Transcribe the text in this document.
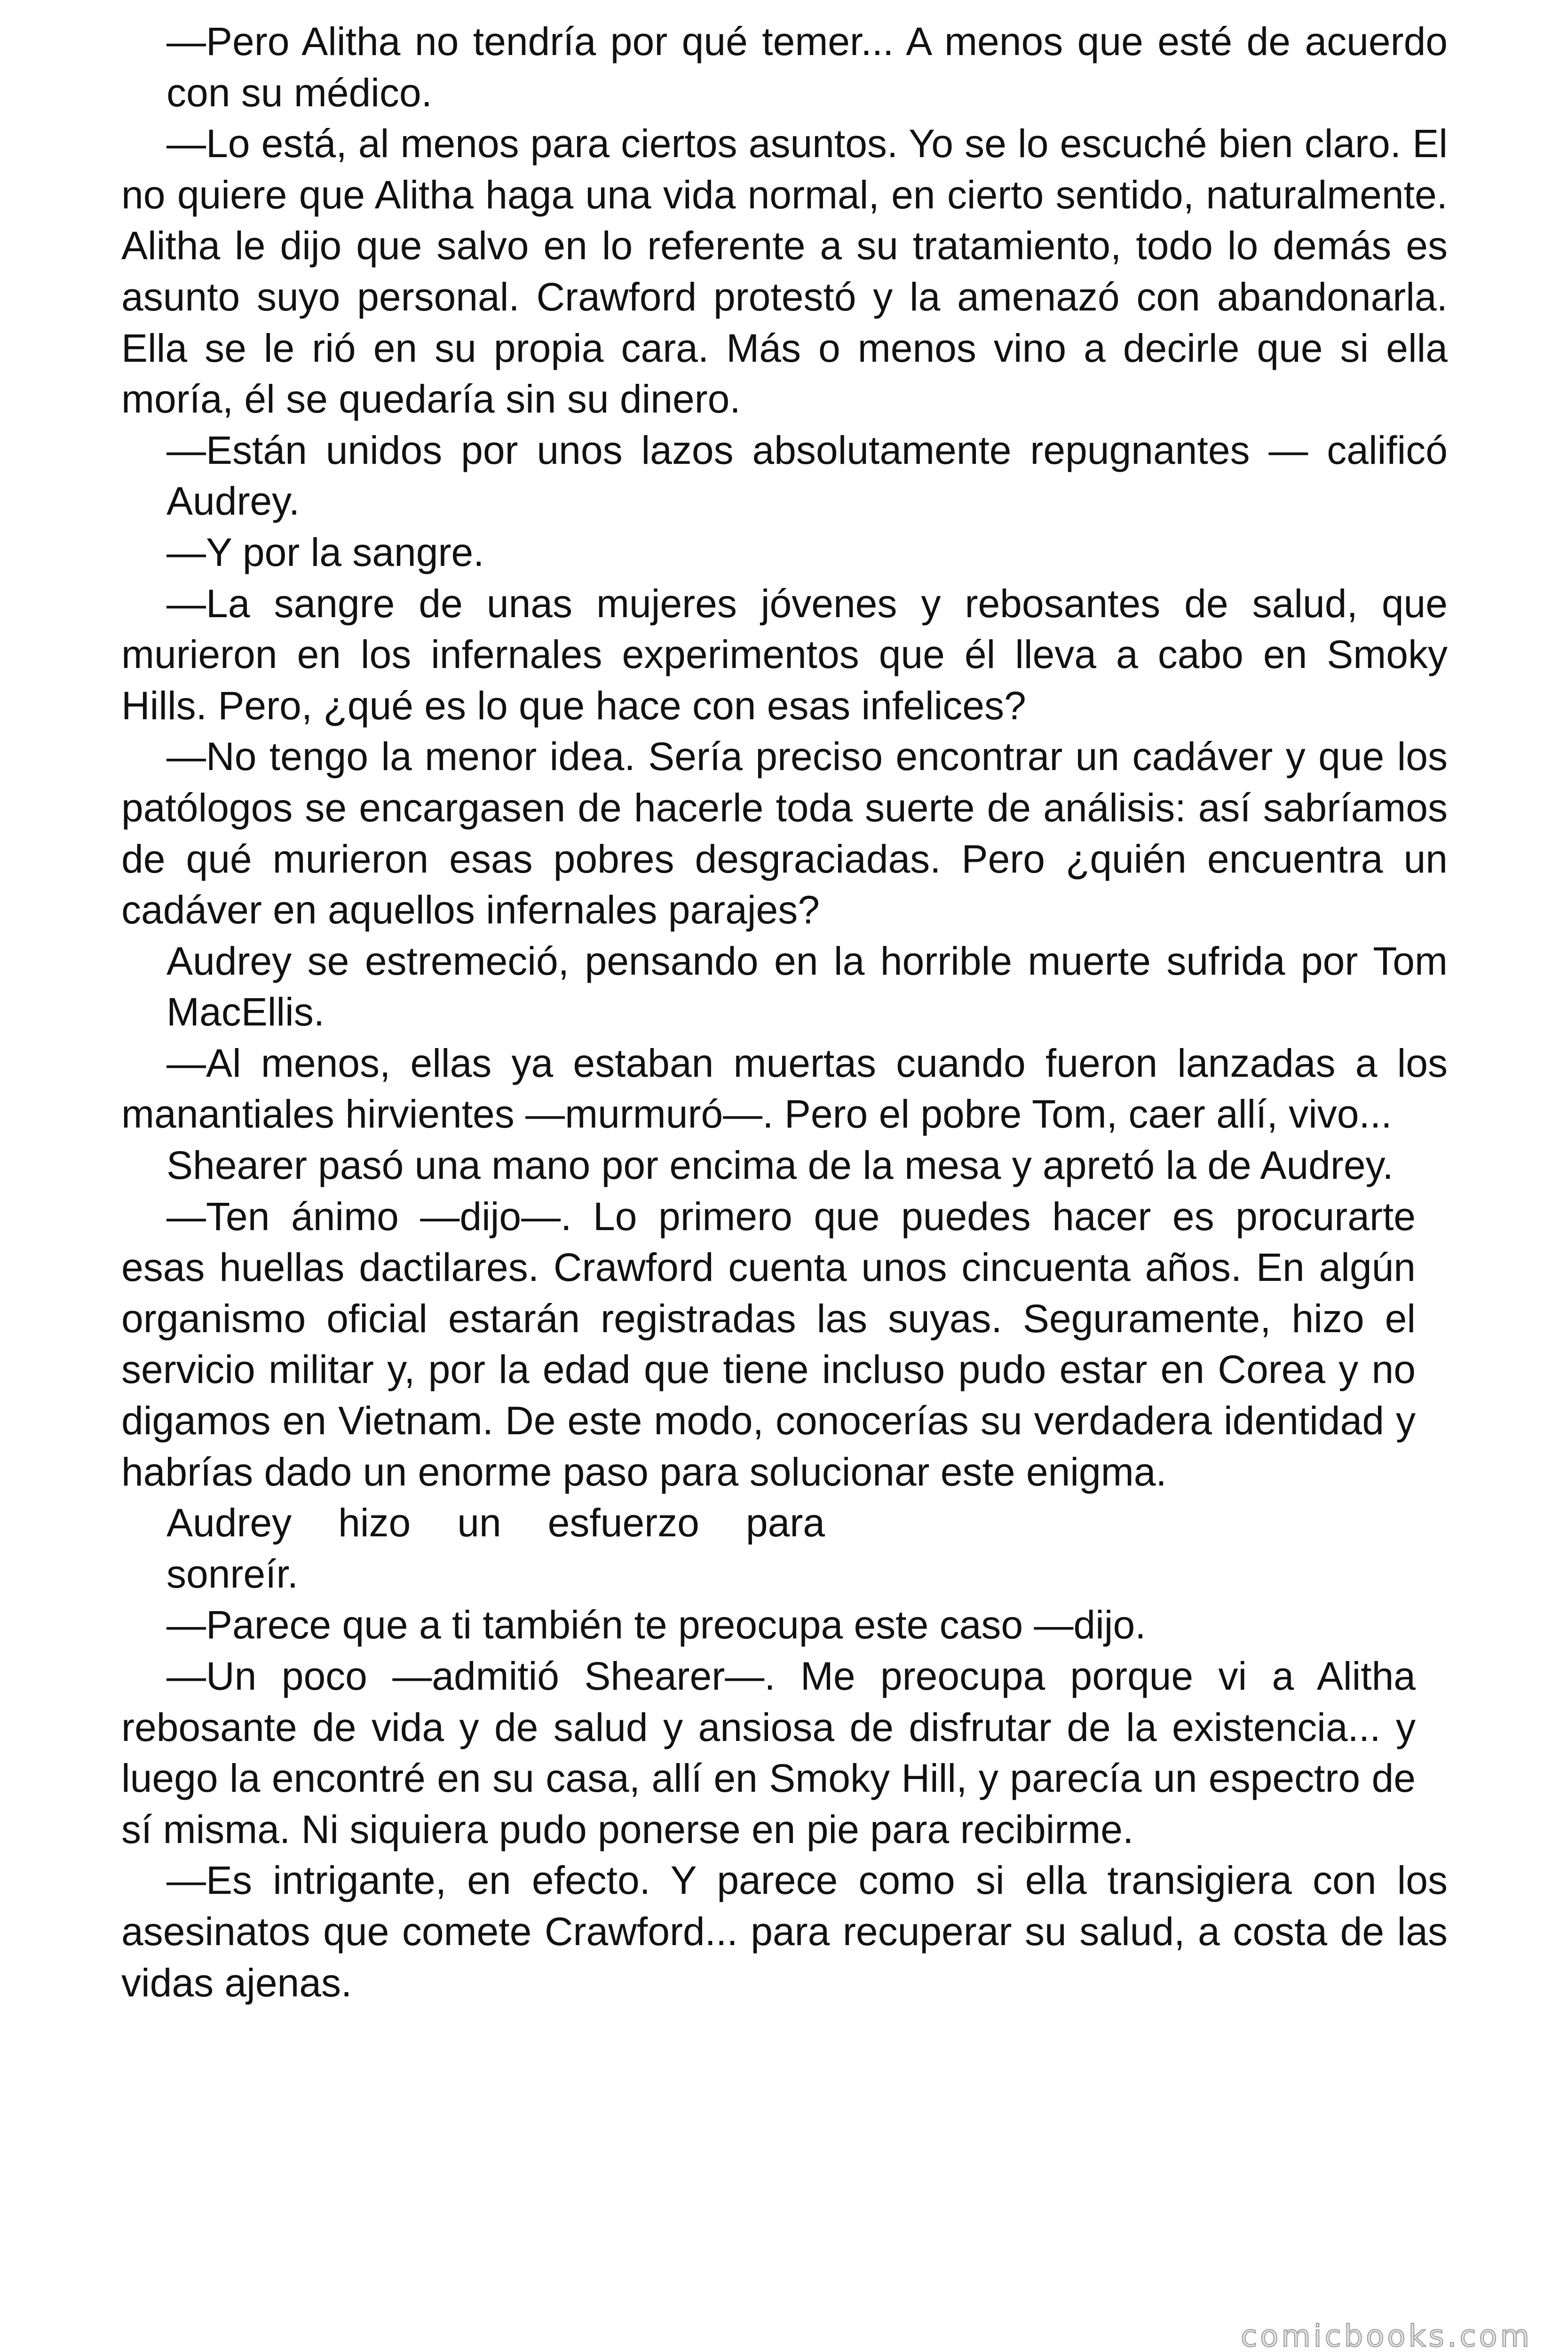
—Pero Alitha no tendría por qué temer... A menos que esté de acuerdo con su médico.

—Lo está, al menos para ciertos asuntos. Yo se lo escuché bien claro. El no quiere que Alitha haga una vida normal, en cierto sentido, naturalmente. Alitha le dijo que salvo en lo referente a su tratamiento, todo lo demás es asunto suyo personal. Crawford protestó y la amenazó con abandonarla. Ella se le rió en su propia cara. Más o menos vino a decirle que si ella moría, él se quedaría sin su dinero.

—Están unidos por unos lazos absolutamente repugnantes — calificó Audrey.

—Y por la sangre.

—La sangre de unas mujeres jóvenes y rebosantes de salud, que murieron en los infernales experimentos que él lleva a cabo en Smoky Hills. Pero, ¿qué es lo que hace con esas infelices?

—No tengo la menor idea. Sería preciso encontrar un cadáver y que los patólogos se encargasen de hacerle toda suerte de análisis: así sabríamos de qué murieron esas pobres desgraciadas. Pero ¿quién encuentra un cadáver en aquellos infernales parajes?

Audrey se estremeció, pensando en la horrible muerte sufrida por Tom MacEllis.

—Al menos, ellas ya estaban muertas cuando fueron lanzadas a los manantiales hirvientes —murmuró—. Pero el pobre Tom, caer allí, vivo...

Shearer pasó una mano por encima de la mesa y apretó la de Audrey.

—Ten ánimo —dijo—. Lo primero que puedes hacer es procurarte esas huellas dactilares. Crawford cuenta unos cincuenta años. En algún organismo oficial estarán registradas las suyas. Seguramente, hizo el servicio militar y, por la edad que tiene incluso pudo estar en Corea y no digamos en Vietnam. De este modo, conocerías su verdadera identidad y habrías dado un enorme paso para solucionar este enigma.

Audrey hizo un esfuerzo para sonreír.

—Parece que a ti también te preocupa este caso —dijo.

—Un poco —admitió Shearer—. Me preocupa porque vi a Alitha rebosante de vida y de salud y ansiosa de disfrutar de la existencia... y luego la encontré en su casa, allí en Smoky Hill, y parecía un espectro de sí misma. Ni siquiera pudo ponerse en pie para recibirme.

—Es intrigante, en efecto. Y parece como si ella transigiera con los asesinatos que comete Crawford... para recuperar su salud, a costa de las vidas ajenas.

comicbooks.com
